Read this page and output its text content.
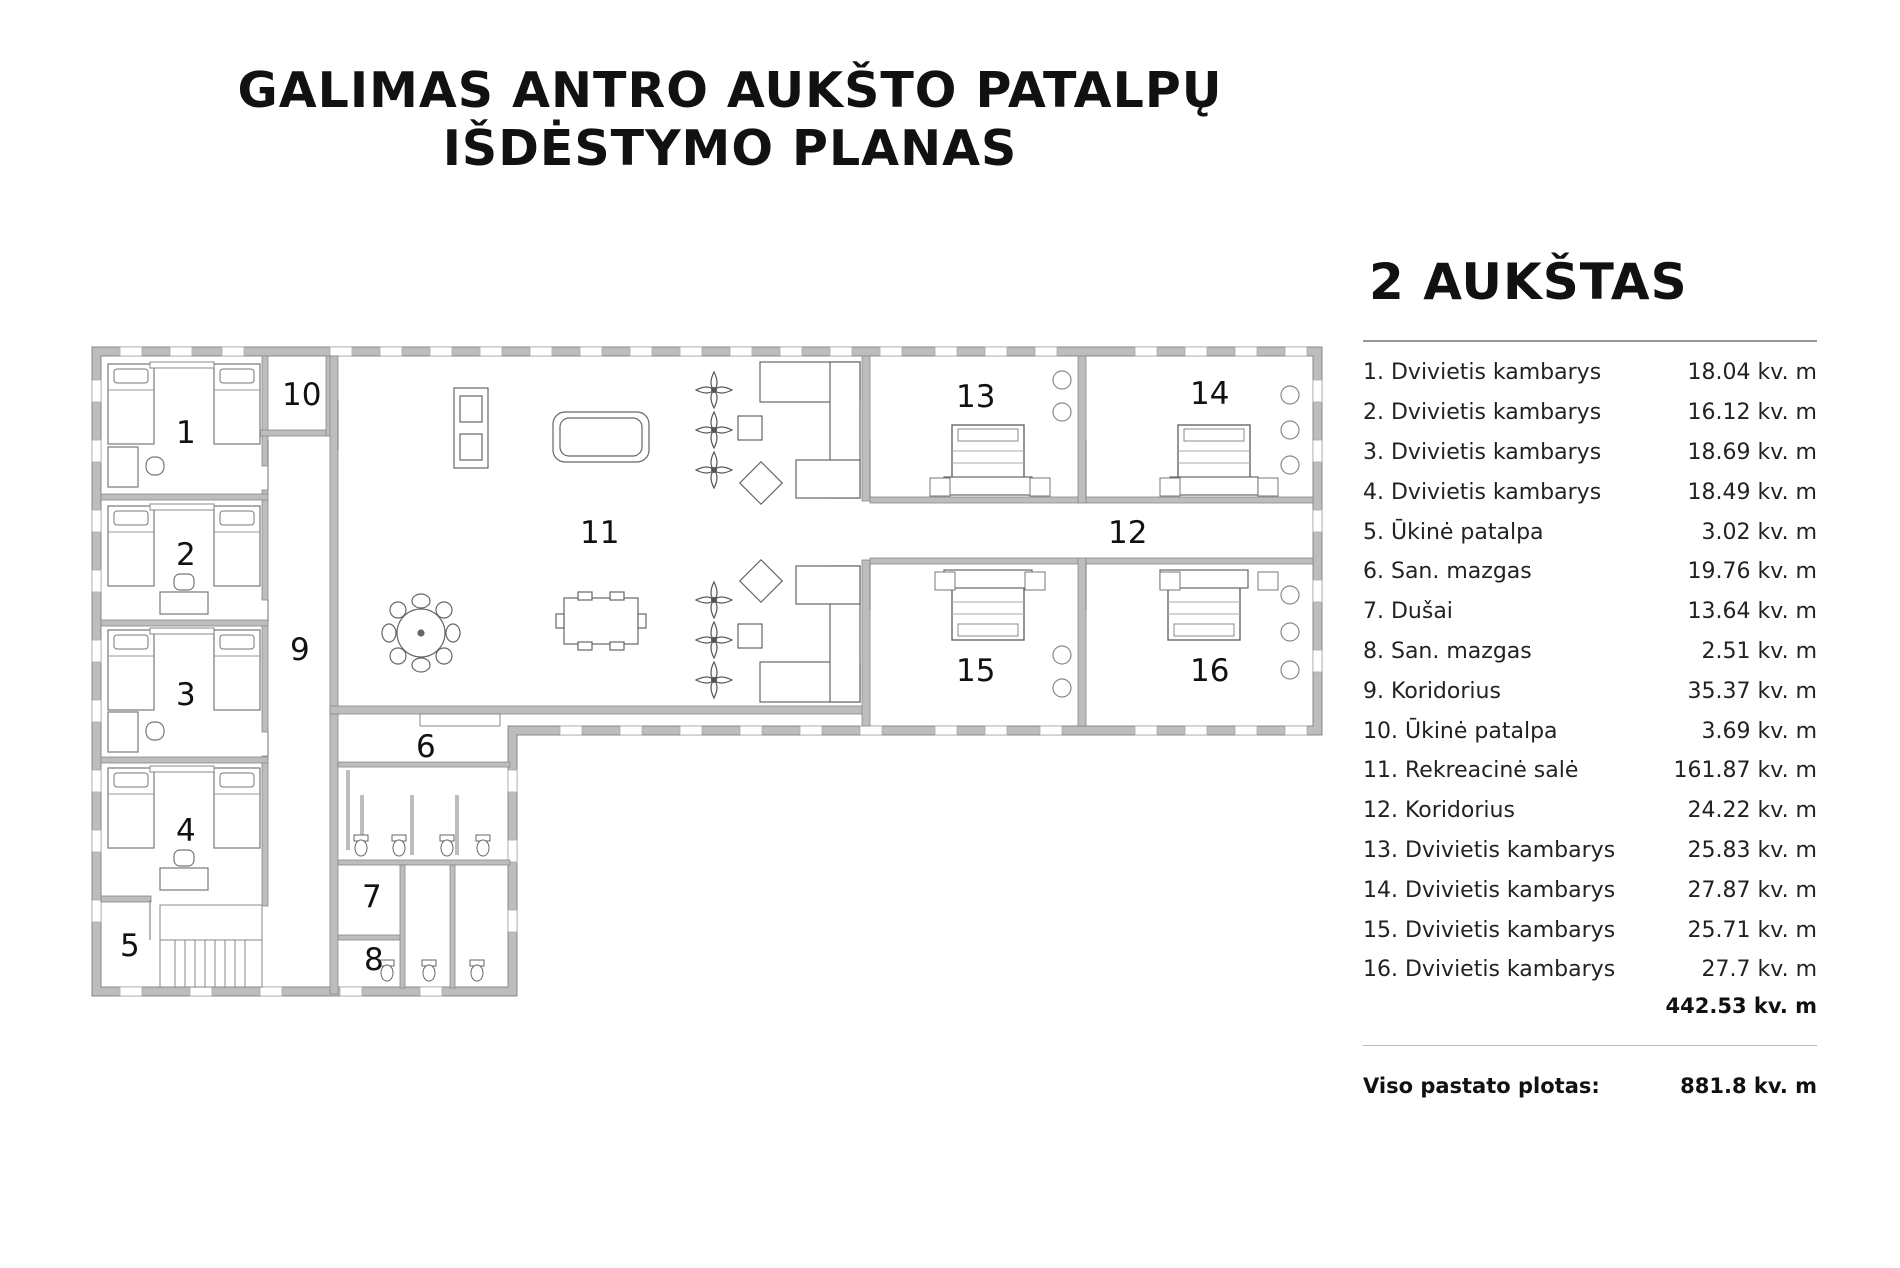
GALIMAS ANTRO AUKŠTO PATALPŲ
IŠDĖSTYMO PLANAS
1
2
3
4
5
6
7
8
9
10
11	12
13	14
15	16
2 AUKŠTAS
1. Dvivietis kambarys	18.04 kv. m
2. Dvivietis kambarys	16.12 kv. m
3. Dvivietis kambarys	18.69 kv. m
4. Dvivietis kambarys	18.49 kv. m
5. Ūkinė patalpa	3.02 kv. m
6. San. mazgas	19.76 kv. m
7. Dušai	13.64 kv. m
8. San. mazgas	2.51 kv. m
9. Koridorius	35.37 kv. m
10. Ūkinė patalpa	3.69 kv. m
11. Rekreacinė salė	161.87 kv. m
12. Koridorius	24.22 kv. m
13. Dvivietis kambarys	25.83 kv. m
14. Dvivietis kambarys	27.87 kv. m
15. Dvivietis kambarys	25.71 kv. m
16. Dvivietis kambarys	27.7 kv. m
442.53 kv. m
Viso pastato plotas:	881.8 kv. m
